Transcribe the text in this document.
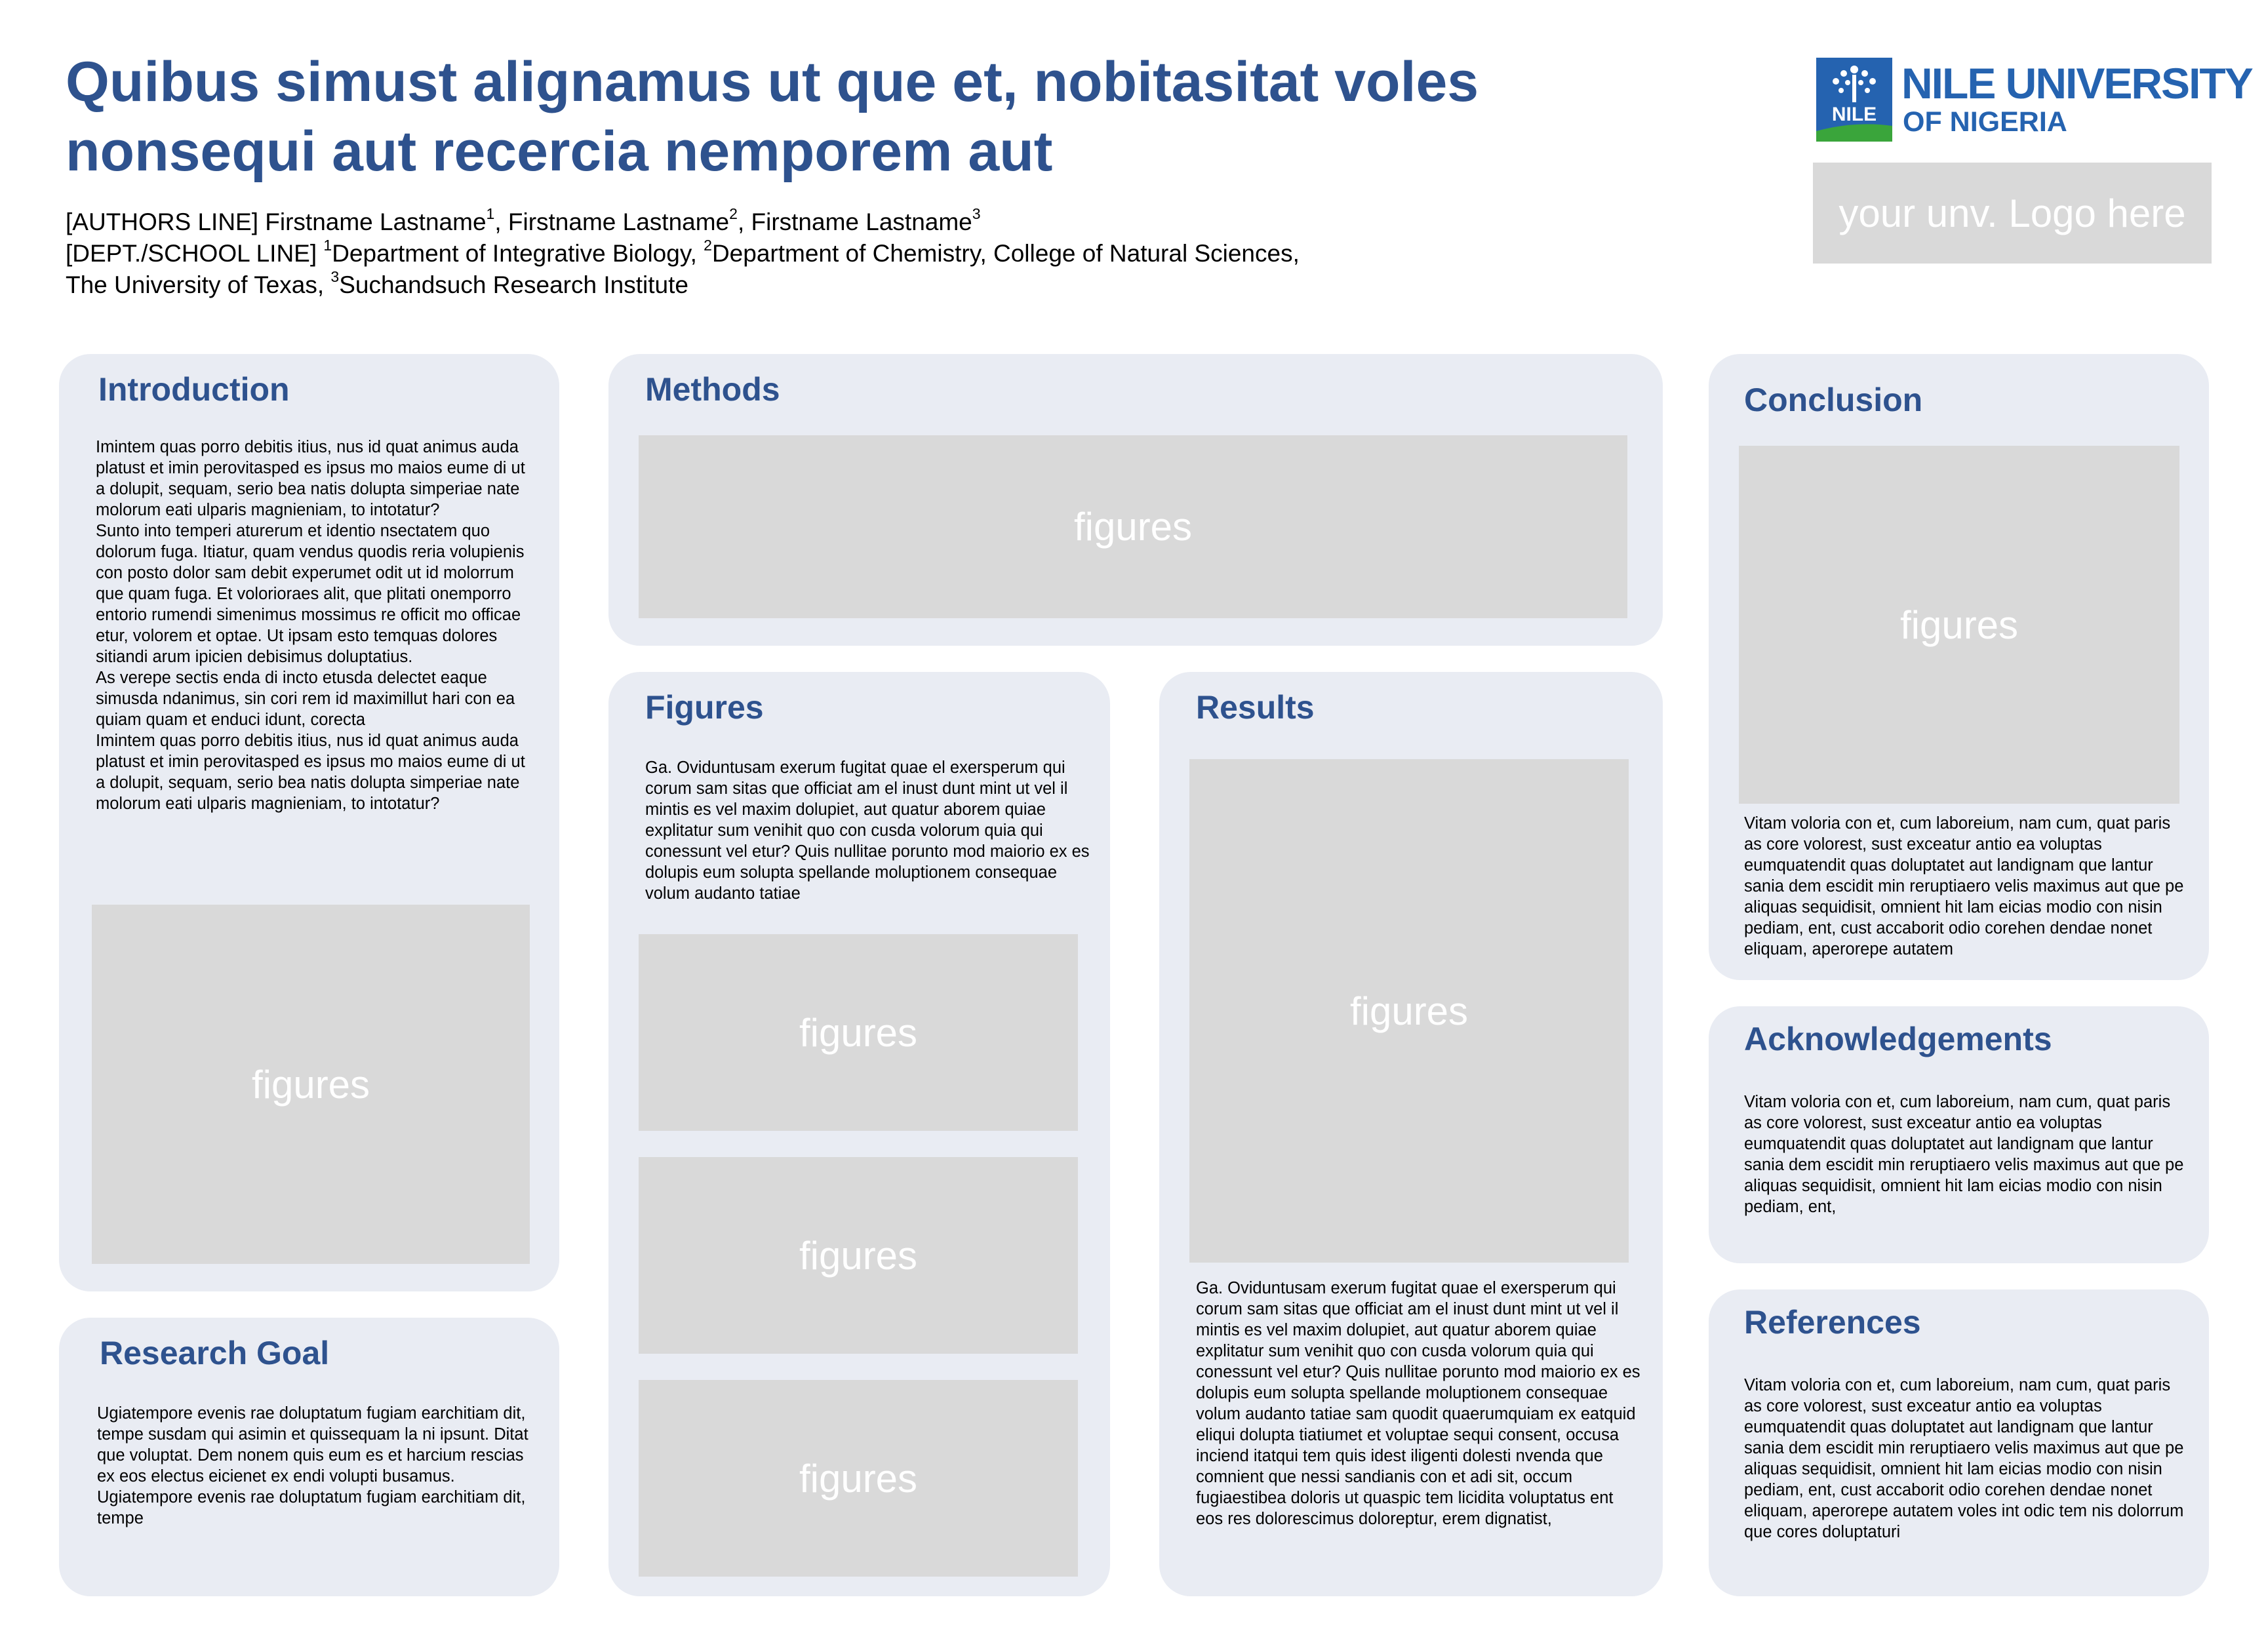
Quibus simust alignamus ut que et, nobitasitat voles
nonsequi aut recercia nemporem aut
[AUTHORS LINE] Firstname Lastname$^1$, Firstname Lastname$^2$, Firstname Lastname$^3$
[DEPT./SCHOOL LINE] $^1$Department of Integrative Biology, $^2$Department of Chemistry, College of Natural Sciences,
The University of Texas, $^3$Suchandsuch Research Institute
NILE
NILE UNIVERSITY
OF NIGERIA
your unv. Logo here
Introduction

Imintem quas porro debitis itius, nus id quat animus auda platust et imin perovitasped es ipsus mo maios eume di ut a dolupit, sequam, serio bea natis dolupta simperiae nate molorum eati ulparis magnieniam, to intotatur?

Sunto into temperi aturerum et identio nsectatem quo dolorum fuga. Itiatur, quam vendus quodis reria volupienis con posto dolor sam debit experumet odit ut id molorrum que quam fuga. Et volorioraes alit, que plitati onemporro entorio rumendi simenimus mossimus re officit mo officae etur, volorem et optae. Ut ipsam esto temquas dolores sitiandi arum ipicien debisimus doluptatius.

As verepe sectis enda di incto etusda delectet eaque simusda ndanimus, sin cori rem id maximillut hari con ea quiam quam et enduci idunt, corecta

Imintem quas porro debitis itius, nus id quat animus auda platust et imin perovitasped es ipsus mo maios eume di ut a dolupit, sequam, serio bea natis dolupta simperiae nate molorum eati ulparis magnieniam, to intotatur?

figures
Research Goal

Ugiatempore evenis rae doluptatum fugiam earchitiam dit, tempe susdam qui asimin et quissequam la ni ipsunt. Ditat que voluptat. Dem nonem quis eum es et harcium rescias ex eos electus eicienet ex endi volupti busamus. Ugiatempore evenis rae doluptatum fugiam earchitiam dit, tempe

Methods
figures
Figures

Ga. Oviduntusam exerum fugitat quae el exersperum qui corum sam sitas que officiat am el inust dunt mint ut vel il mintis es vel maxim dolupiet, aut quatur aborem quiae explitatur sum venihit quo con cusda volorum quia qui conessunt vel etur? Quis nullitae porunto mod maiorio ex es dolupis eum solupta spellande moluptionem consequae volum audanto tatiae

figures
figures
figures
Results
figures

Ga. Oviduntusam exerum fugitat quae el exersperum qui corum sam sitas que officiat am el inust dunt mint ut vel il mintis es vel maxim dolupiet, aut quatur aborem quiae explitatur sum venihit quo con cusda volorum quia qui conessunt vel etur? Quis nullitae porunto mod maiorio ex es dolupis eum solupta spellande moluptionem consequae volum audanto tatiae sam quodit quaerumquiam ex eatquid eliqui dolupta tiatiumet et voluptae sequi consent, occusa inciend itatqui tem quis idest iligenti dolesti nvenda que comnient que nessi sandianis con et adi sit, occum fugiaestibea doloris ut quaspic tem licidita voluptatus ent eos res dolorescimus doloreptur, erem dignatist,

Conclusion
figures

Vitam voloria con et, cum laboreium, nam cum, quat paris as core volorest, sust exceatur antio ea voluptas eumquatendit quas doluptatet aut landignam que lantur sania dem escidit min reruptiaero velis maximus aut que pe aliquas sequidisit, omnient hit lam eicias modio con nisin pediam, ent, cust accaborit odio corehen dendae nonet eliquam, aperorepe autatem

Acknowledgements

Vitam voloria con et, cum laboreium, nam cum, quat paris as core volorest, sust exceatur antio ea voluptas eumquatendit quas doluptatet aut landignam que lantur sania dem escidit min reruptiaero velis maximus aut que pe aliquas sequidisit, omnient hit lam eicias modio con nisin pediam, ent,

References

Vitam voloria con et, cum laboreium, nam cum, quat paris as core volorest, sust exceatur antio ea voluptas eumquatendit quas doluptatet aut landignam que lantur sania dem escidit min reruptiaero velis maximus aut que pe aliquas sequidisit, omnient hit lam eicias modio con nisin pediam, ent, cust accaborit odio corehen dendae nonet eliquam, aperorepe autatem voles int odic tem nis dolorrum que cores doluptaturi
